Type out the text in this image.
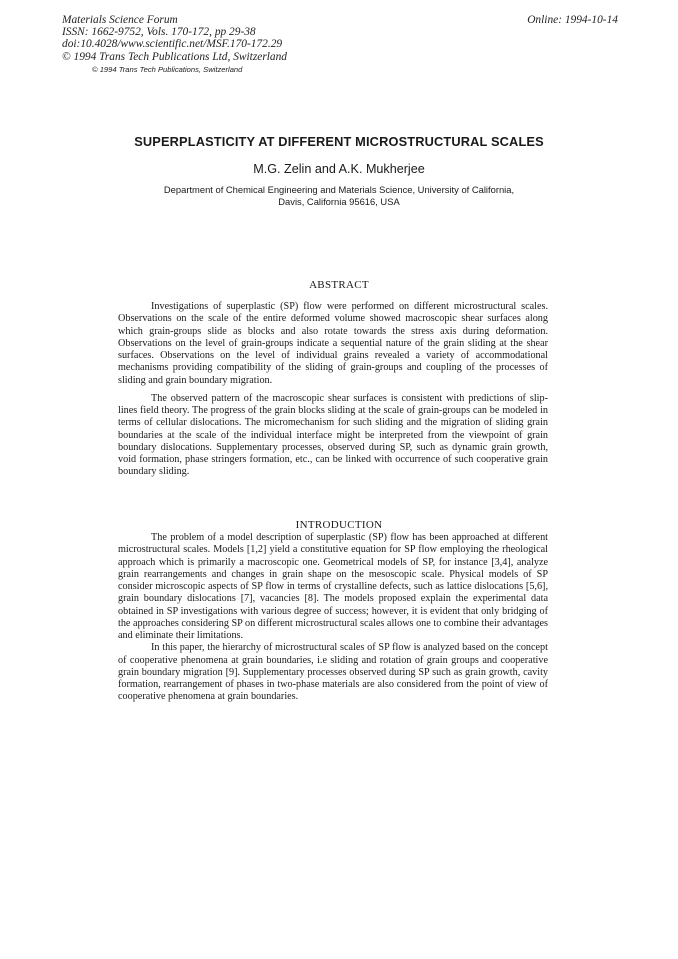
Materials Science Forum
ISSN: 1662-9752, Vols. 170-172, pp 29-38
doi:10.4028/www.scientific.net/MSF.170-172.29
© 1994 Trans Tech Publications Ltd, Switzerland
Online: 1994-10-14
© 1994 Trans Tech Publications, Switzerland
SUPERPLASTICITY AT DIFFERENT MICROSTRUCTURAL SCALES
M.G. Zelin and A.K. Mukherjee
Department of Chemical Engineering and Materials Science, University of California,
Davis, California 95616, USA
ABSTRACT

Investigations of superplastic (SP) flow were performed on different microstructural scales. Observations on the scale of the entire deformed volume showed macroscopic shear surfaces along which grain-groups slide as blocks and also rotate towards the stress axis during deformation. Observations on the level of grain-groups indicate a sequential nature of the grain sliding at the shear surfaces. Observations on the level of individual grains revealed a variety of accommodational mechanisms providing compatibility of the sliding of grain-groups and coupling of the processes of sliding and grain boundary migration.

The observed pattern of the macroscopic shear surfaces is consistent with predictions of slip-lines field theory. The progress of the grain blocks sliding at the scale of grain-groups can be modeled in terms of cellular dislocations. The micromechanism for such sliding and the migration of sliding grain boundaries at the scale of the individual interface might be interpreted from the viewpoint of grain boundary dislocations. Supplementary processes, observed during SP, such as dynamic grain growth, void formation, phase stringers formation, etc., can be linked with occurrence of such cooperative grain boundary sliding.

INTRODUCTION

The problem of a model description of superplastic (SP) flow has been approached at different microstructural scales. Models [1,2] yield a constitutive equation for SP flow employing the rheological approach which is primarily a macroscopic one. Geometrical models of SP, for instance [3,4], analyze grain rearrangements and changes in grain shape on the mesoscopic scale. Physical models of SP consider microscopic aspects of SP flow in terms of crystalline defects, such as lattice dislocations [5,6], grain boundary dislocations [7], vacancies [8]. The models proposed explain the experimental data obtained in SP investigations with various degree of success; however, it is evident that only bridging of the approaches considering SP on different microstructural scales allows one to combine their advantages and eliminate their limitations.

In this paper, the hierarchy of microstructural scales of SP flow is analyzed based on the concept of cooperative phenomena at grain boundaries, i.e sliding and rotation of grain groups and cooperative grain boundary migration [9]. Supplementary processes observed during SP such as grain growth, cavity formation, rearrangement of phases in two-phase materials are also considered from the point of view of cooperative phenomena at grain boundaries.
